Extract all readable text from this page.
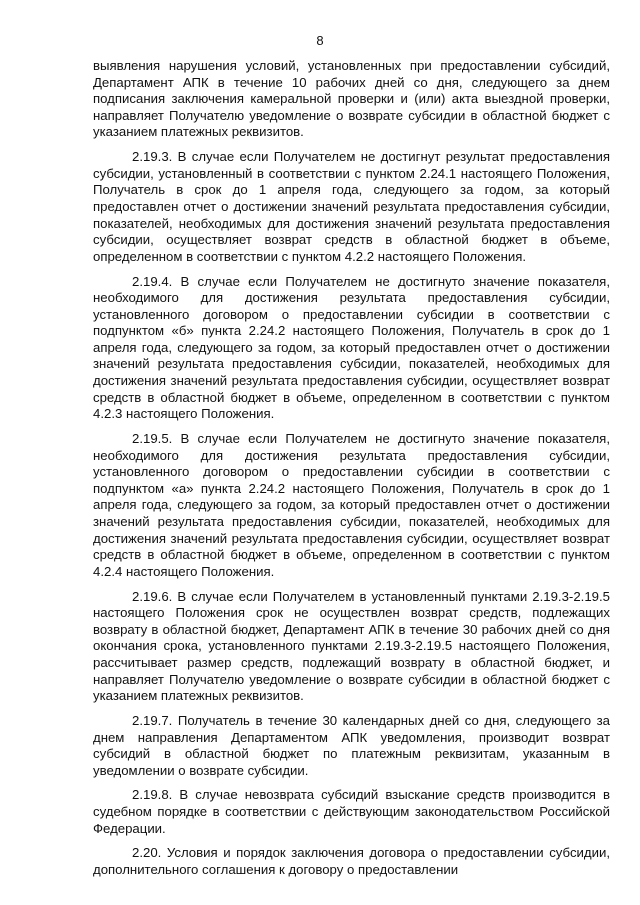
8

выявления нарушения условий, установленных при предоставлении субсидий, Департамент АПК в течение 10 рабочих дней со дня, следующего за днем подписания заключения камеральной проверки и (или) акта выездной проверки, направляет Получателю уведомление о возврате субсидии в областной бюджет с указанием платежных реквизитов.

2.19.3. В случае если Получателем не достигнут результат предоставления субсидии, установленный в соответствии с пунктом 2.24.1 настоящего Положения, Получатель в срок до 1 апреля года, следующего за годом, за который предоставлен отчет о достижении значений результата предоставления субсидии, показателей, необходимых для достижения значений результата предоставления субсидии, осуществляет возврат средств в областной бюджет в объеме, определенном в соответствии с пунктом 4.2.2 настоящего Положения.

2.19.4. В случае если Получателем не достигнуто значение показателя, необходимого для достижения результата предоставления субсидии, установленного договором о предоставлении субсидии в соответствии с подпунктом «б» пункта 2.24.2 настоящего Положения, Получатель в срок до 1 апреля года, следующего за годом, за который предоставлен отчет о достижении значений результата предоставления субсидии, показателей, необходимых для достижения значений результата предоставления субсидии, осуществляет возврат средств в областной бюджет в объеме, определенном в соответствии с пунктом 4.2.3 настоящего Положения.

2.19.5. В случае если Получателем не достигнуто значение показателя, необходимого для достижения результата предоставления субсидии, установленного договором о предоставлении субсидии в соответствии с подпунктом «а» пункта 2.24.2 настоящего Положения, Получатель в срок до 1 апреля года, следующего за годом, за который предоставлен отчет о достижении значений результата предоставления субсидии, показателей, необходимых для достижения значений результата предоставления субсидии, осуществляет возврат средств в областной бюджет в объеме, определенном в соответствии с пунктом 4.2.4 настоящего Положения.

2.19.6. В случае если Получателем в установленный пунктами 2.19.3-2.19.5 настоящего Положения срок не осуществлен возврат средств, подлежащих возврату в областной бюджет, Департамент АПК в течение 30 рабочих дней со дня окончания срока, установленного пунктами 2.19.3-2.19.5 настоящего Положения, рассчитывает размер средств, подлежащий возврату в областной бюджет, и направляет Получателю уведомление о возврате субсидии в областной бюджет с указанием платежных реквизитов.

2.19.7. Получатель в течение 30 календарных дней со дня, следующего за днем направления Департаментом АПК уведомления, производит возврат субсидий в областной бюджет по платежным реквизитам, указанным в уведомлении о возврате субсидии.

2.19.8. В случае невозврата субсидий взыскание средств производится в судебном порядке в соответствии с действующим законодательством Российской Федерации.

2.20. Условия и порядок заключения договора о предоставлении субсидии, дополнительного соглашения к договору о предоставлении
